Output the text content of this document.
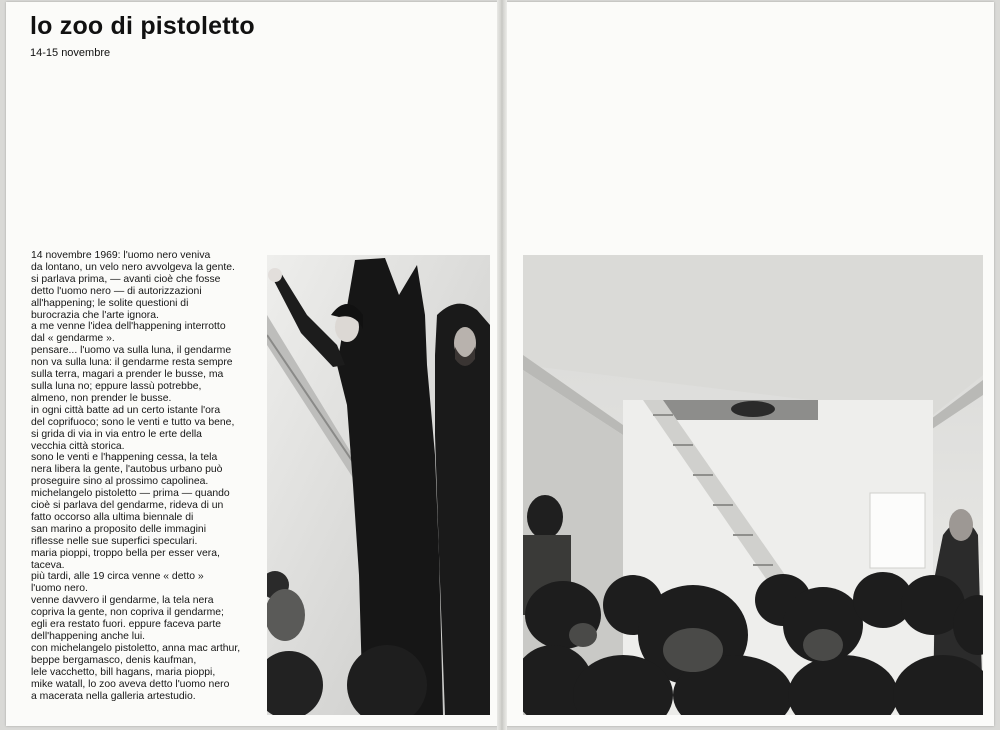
lo zoo di pistoletto
14-15 novembre
14 novembre 1969: l'uomo nero veniva
da lontano, un velo nero avvolgeva la gente.
si parlava prima, — avanti cioè che fosse
detto l'uomo nero — di autorizzazioni
all'happening; le solite questioni di
burocrazia che l'arte ignora.
a me venne l'idea dell'happening interrotto
dal « gendarme ».
pensare... l'uomo va sulla luna, il gendarme
non va sulla luna: il gendarme resta sempre
sulla terra, magari a prender le busse, ma
sulla luna no; eppure lassù potrebbe,
almeno, non prender le busse.
in ogni città batte ad un certo istante l'ora
del coprifuoco; sono le venti e tutto va bene,
si grida di via in via entro le erte della
vecchia città storica.
sono le venti e l'happening cessa, la tela
nera libera la gente, l'autobus urbano può
proseguire sino al prossimo capolinea.
michelangelo pistoletto — prima — quando
cioè si parlava del gendarme, rideva di un
fatto occorso alla ultima biennale di
san marino a proposito delle immagini
riflesse nelle sue superfici speculari.
maria pioppi, troppo bella per esser vera,
taceva.
più tardi, alle 19 circa venne « detto »
l'uomo nero.
venne davvero il gendarme, la tela nera
copriva la gente, non copriva il gendarme;
egli era restato fuori. eppure faceva parte
dell'happening anche lui.
con michelangelo pistoletto, anna mac arthur,
beppe bergamasco, denis kaufman,
lele vacchetto, bill hagans, maria pioppi,
mike watall, lo zoo aveva detto l'uomo nero
a macerata nella galleria artestudio.
